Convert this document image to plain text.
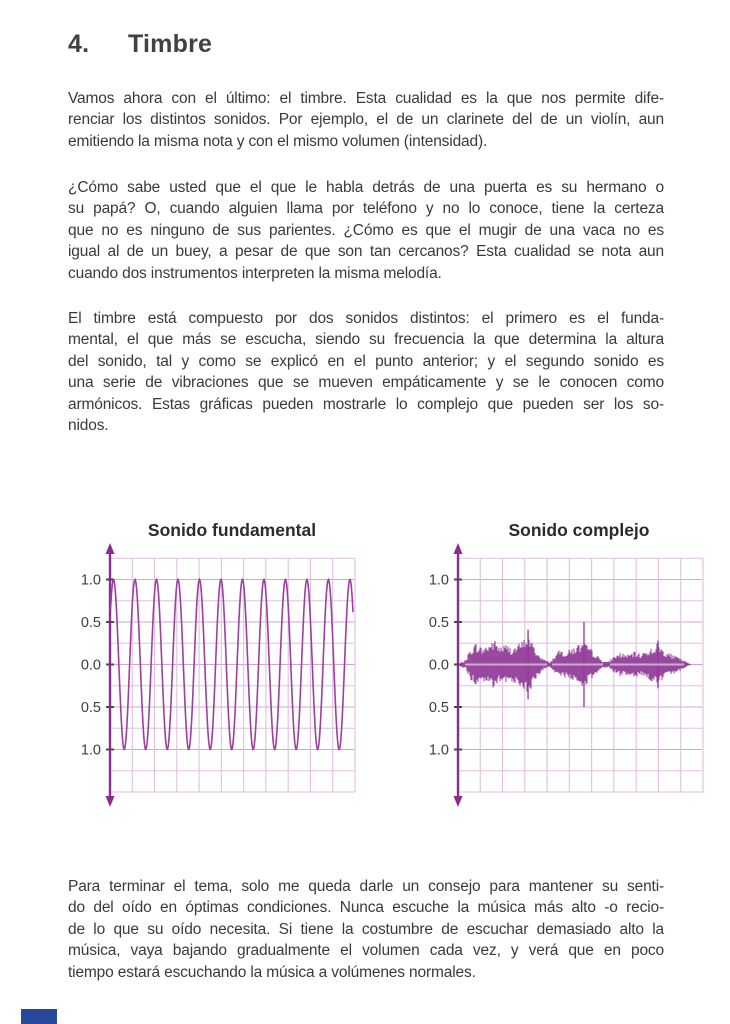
4. Timbre
Vamos ahora con el último: el timbre. Esta cualidad es la que nos permite dife-
renciar los distintos sonidos. Por ejemplo, el de un clarinete del de un violín, aun
emitiendo la misma nota y con el mismo volumen (intensidad).
¿Cómo sabe usted que el que le habla detrás de una puerta es su hermano o
su papá? O, cuando alguien llama por teléfono y no lo conoce, tiene la certeza
que no es ninguno de sus parientes. ¿Cómo es que el mugir de una vaca no es
igual al de un buey, a pesar de que son tan cercanos? Esta cualidad se nota aun
cuando dos instrumentos interpreten la misma melodía.
El timbre está compuesto por dos sonidos distintos: el primero es el funda-
mental, el que más se escucha, siendo su frecuencia la que determina la altura
del sonido, tal y como se explicó en el punto anterior; y el segundo sonido es
una serie de vibraciones que se mueven empáticamente y se le conocen como
armónicos. Estas gráficas pueden mostrarle lo complejo que pueden ser los so-
nidos.
Sonido fundamental	Sonido complejo
1.0
0.5
0.0
0.5
1.0
1.0
0.5
0.0
0.5
1.0
Para terminar el tema, solo me queda darle un consejo para mantener su senti-
do del oído en óptimas condiciones. Nunca escuche la música más alto -o recio-
de lo que su oído necesita. Si tiene la costumbre de escuchar demasiado alto la
música, vaya bajando gradualmente el volumen cada vez, y verá que en poco
tiempo estará escuchando la música a volúmenes normales.
